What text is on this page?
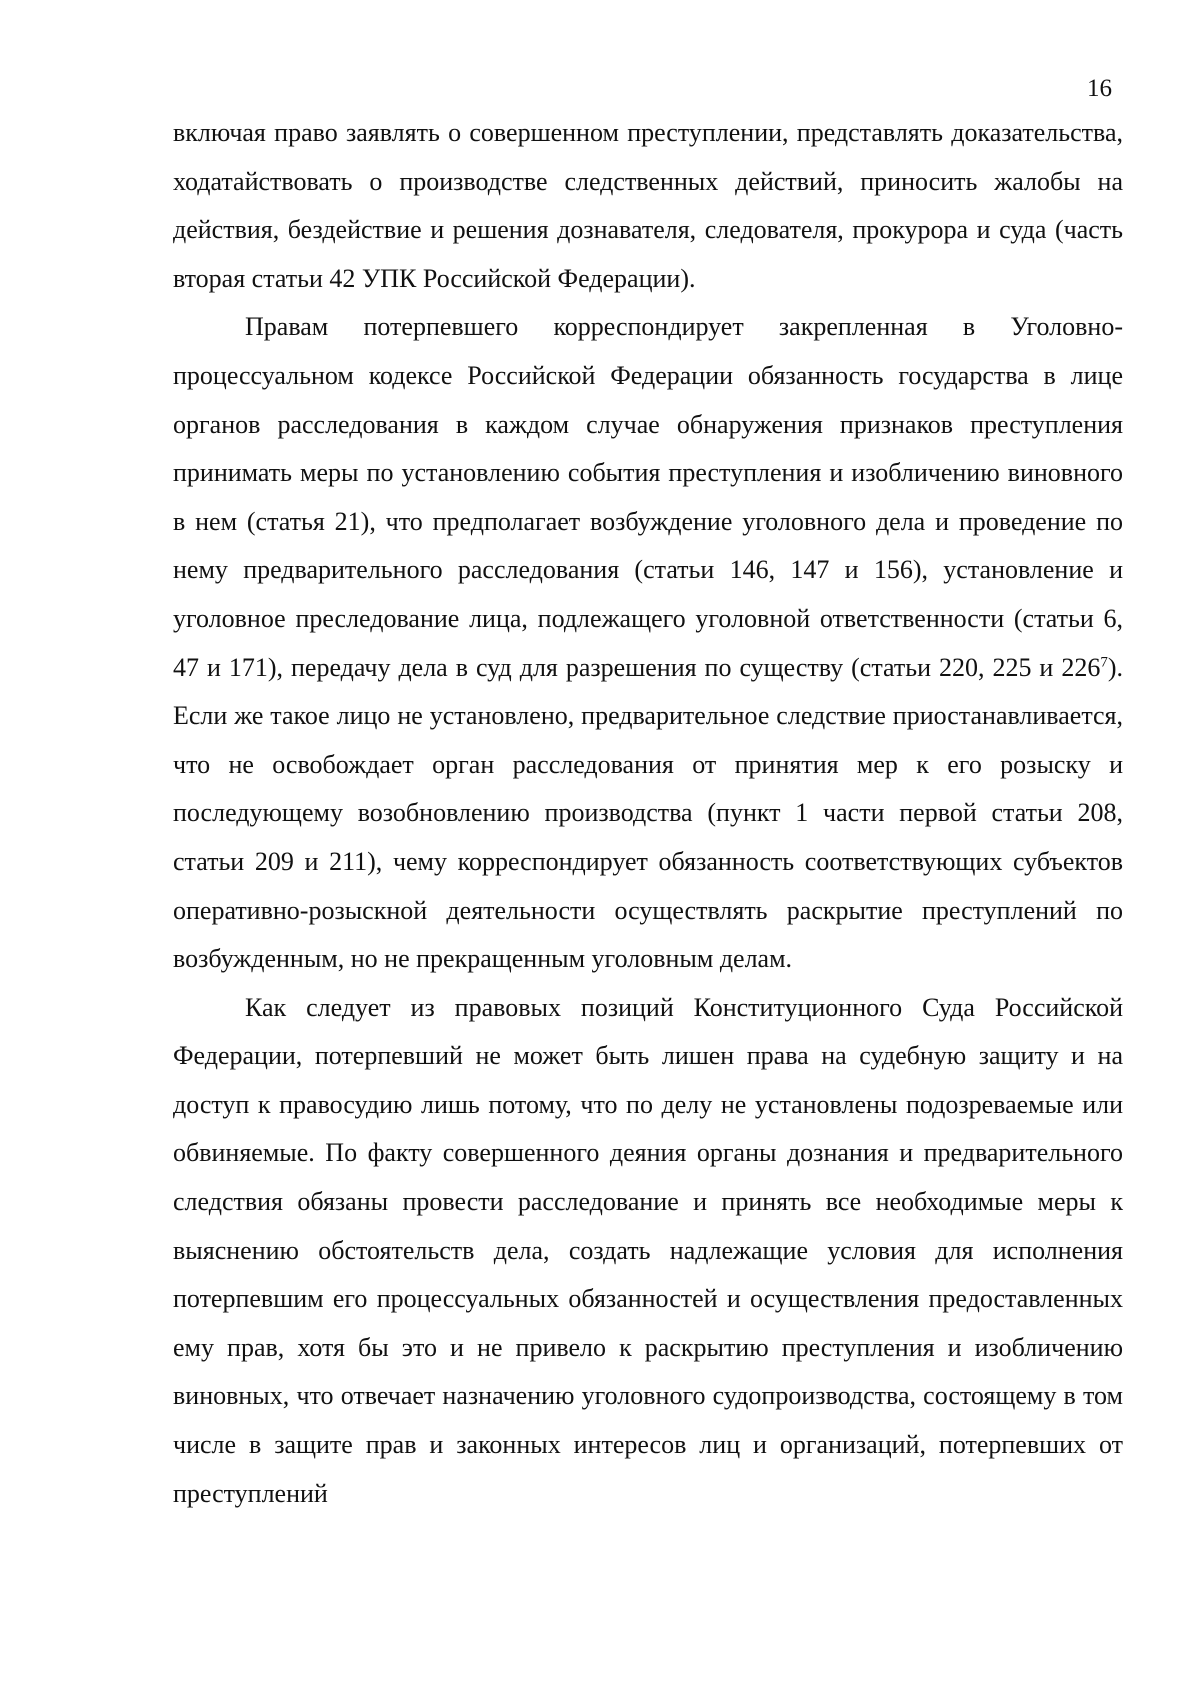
16

включая право заявлять о совершенном преступлении, представлять доказательства, ходатайствовать о производстве следственных действий, приносить жалобы на действия, бездействие и решения дознавателя, следователя, прокурора и суда (часть вторая статьи 42 УПК Российской Федерации).

Правам потерпевшего корреспондирует закрепленная в Уголовно-процессуальном кодексе Российской Федерации обязанность государства в лице органов расследования в каждом случае обнаружения признаков преступления принимать меры по установлению события преступления и изобличению виновного в нем (статья 21), что предполагает возбуждение уголовного дела и проведение по нему предварительного расследования (статьи 146, 147 и 156), установление и уголовное преследование лица, подлежащего уголовной ответственности (статьи 6, 47 и 171), передачу дела в суд для разрешения по существу (статьи 220, 225 и $226^7$). Если же такое лицо не установлено, предварительное следствие приостанавливается, что не освобождает орган расследования от принятия мер к его розыску и последующему возобновлению производства (пункт 1 части первой статьи 208, статьи 209 и 211), чему корреспондирует обязанность соответствующих субъектов оперативно-розыскной деятельности осуществлять раскрытие преступлений по возбужденным, но не прекращенным уголовным делам.

Как следует из правовых позиций Конституционного Суда Российской Федерации, потерпевший не может быть лишен права на судебную защиту и на доступ к правосудию лишь потому, что по делу не установлены подозреваемые или обвиняемые. По факту совершенного деяния органы дознания и предварительного следствия обязаны провести расследование и принять все необходимые меры к выяснению обстоятельств дела, создать надлежащие условия для исполнения потерпевшим его процессуальных обязанностей и осуществления предоставленных ему прав, хотя бы это и не привело к раскрытию преступления и изобличению виновных, что отвечает назначению уголовного судопроизводства, состоящему в том числе в защите прав и законных интересов лиц и организаций, потерпевших от преступлений
